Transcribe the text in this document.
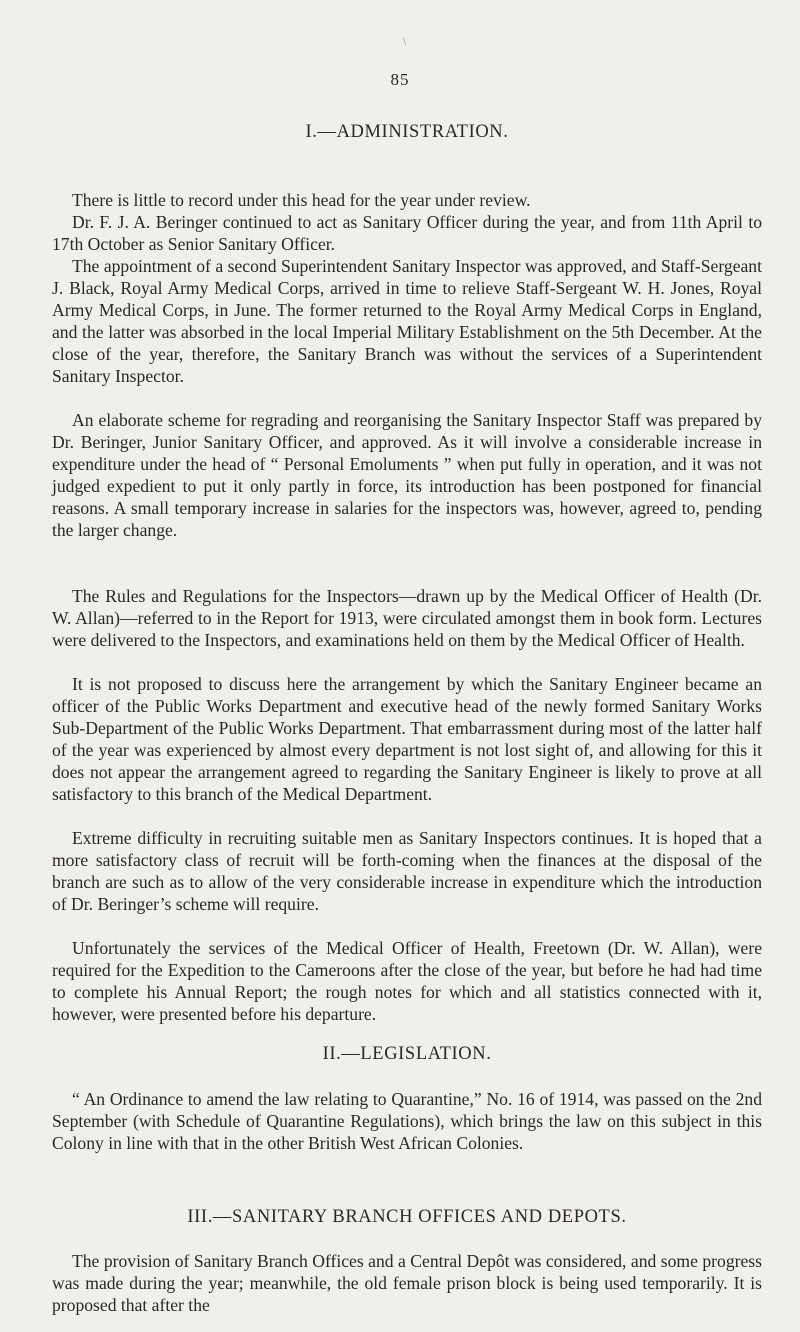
\
85
I.—ADMINISTRATION.

There is little to record under this head for the year under review.

Dr. F. J. A. Beringer continued to act as Sanitary Officer during the year, and from 11th April to 17th October as Senior Sanitary Officer.

The appointment of a second Superintendent Sanitary Inspector was approved, and Staff-Sergeant J. Black, Royal Army Medical Corps, arrived in time to relieve Staff-Sergeant W. H. Jones, Royal Army Medical Corps, in June. The former returned to the Royal Army Medical Corps in England, and the latter was absorbed in the local Imperial Military Establishment on the 5th December. At the close of the year, therefore, the Sanitary Branch was without the services of a Superintendent Sanitary Inspector.

An elaborate scheme for regrading and reorganising the Sanitary Inspector Staff was prepared by Dr. Beringer, Junior Sanitary Officer, and approved. As it will involve a considerable increase in expenditure under the head of “ Personal Emoluments ” when put fully in operation, and it was not judged expedient to put it only partly in force, its introduction has been postponed for financial reasons. A small temporary increase in salaries for the inspectors was, however, agreed to, pending the larger change.

The Rules and Regulations for the Inspectors—drawn up by the Medical Officer of Health (Dr. W. Allan)—referred to in the Report for 1913, were circulated amongst them in book form. Lectures were delivered to the Inspectors, and examinations held on them by the Medical Officer of Health.

It is not proposed to discuss here the arrangement by which the Sanitary Engineer became an officer of the Public Works Department and executive head of the newly formed Sanitary Works Sub-Department of the Public Works Department. That embarrassment during most of the latter half of the year was experienced by almost every department is not lost sight of, and allowing for this it does not appear the arrangement agreed to regarding the Sanitary Engineer is likely to prove at all satisfactory to this branch of the Medical Department.

Extreme difficulty in recruiting suitable men as Sanitary Inspectors continues. It is hoped that a more satisfactory class of recruit will be forth-coming when the finances at the disposal of the branch are such as to allow of the very considerable increase in expenditure which the introduction of Dr. Beringer’s scheme will require.

Unfortunately the services of the Medical Officer of Health, Freetown (Dr. W. Allan), were required for the Expedition to the Cameroons after the close of the year, but before he had had time to complete his Annual Report; the rough notes for which and all statistics connected with it, however, were presented before his departure.

II.—LEGISLATION.

“ An Ordinance to amend the law relating to Quarantine,” No. 16 of 1914, was passed on the 2nd September (with Schedule of Quarantine Regulations), which brings the law on this subject in this Colony in line with that in the other British West African Colonies.

III.—SANITARY BRANCH OFFICES AND DEPOTS.

The provision of Sanitary Branch Offices and a Central Depôt was considered, and some progress was made during the year; meanwhile, the old female prison block is being used temporarily. It is proposed that after the
